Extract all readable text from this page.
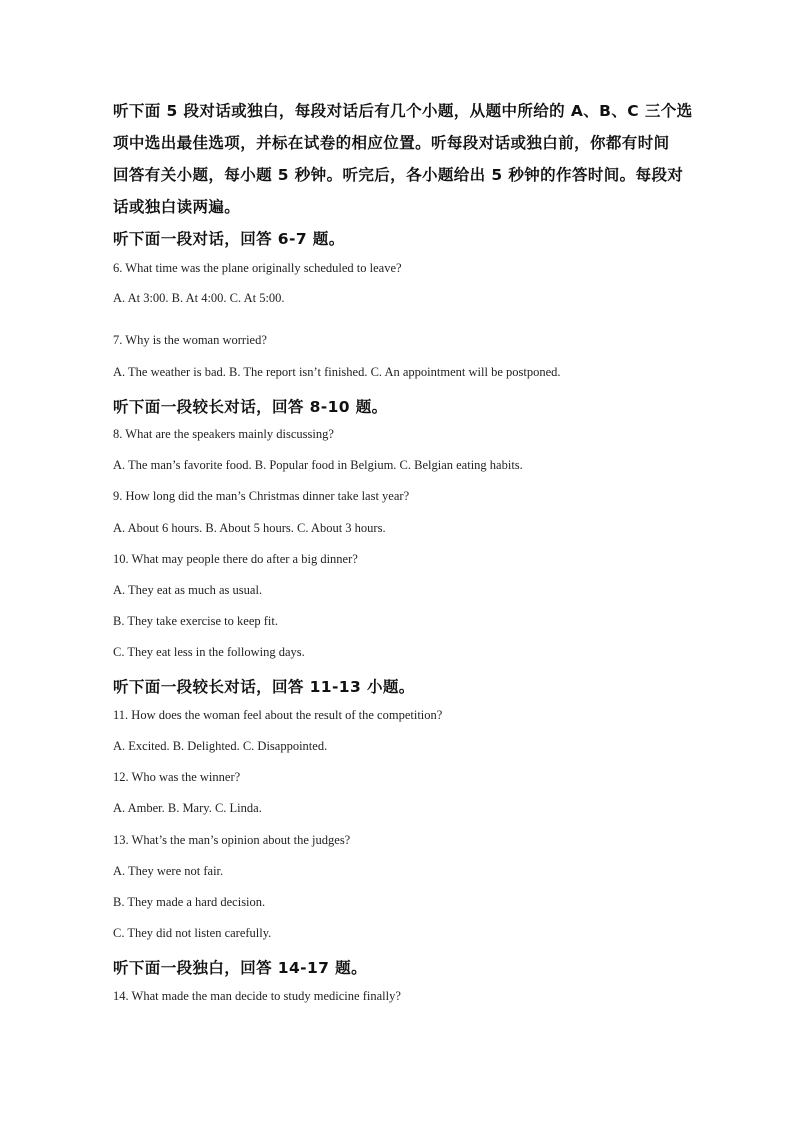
听下面 5 段对话或独白，每段对话后有几个小题，从题中所给的 A、B、C 三个选

项中选出最佳选项，并标在试卷的相应位置。听每段对话或独白前，你都有时间

回答有关小题，每小题 5 秒钟。听完后，各小题给出 5 秒钟的作答时间。每段对

话或独白读两遍。

听下面一段对话，回答 6-7 题。

6. What time was the plane originally scheduled to leave?

A. At 3:00. B. At 4:00. C. At 5:00.

7. Why is the woman worried?

A. The weather is bad. B. The report isn’t finished. C. An appointment will be postponed.

听下面一段较长对话，回答 8-10 题。

8. What are the speakers mainly discussing?

A. The man’s favorite food. B. Popular food in Belgium. C. Belgian eating habits.

9. How long did the man’s Christmas dinner take last year?

A. About 6 hours. B. About 5 hours. C. About 3 hours.

10. What may people there do after a big dinner?

A. They eat as much as usual.

B. They take exercise to keep fit.

C. They eat less in the following days.

听下面一段较长对话，回答 11-13 小题。

11. How does the woman feel about the result of the competition?

A. Excited. B. Delighted. C. Disappointed.

12. Who was the winner?

A. Amber. B. Mary. C. Linda.

13. What’s the man’s opinion about the judges?

A. They were not fair.

B. They made a hard decision.

C. They did not listen carefully.

听下面一段独白，回答 14-17 题。

14. What made the man decide to study medicine finally?
